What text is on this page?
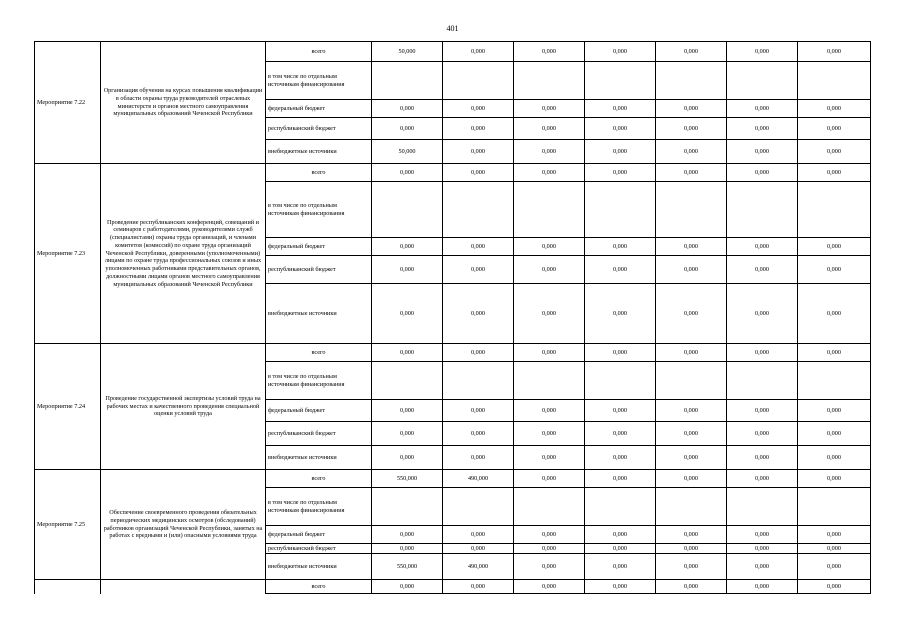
401
Мероприятие 7.22	Организация обучения на курсах повышения квалификации в области охраны труда руководителей отраслевых министерств и органов местного самоуправления муниципальных образований Чеченской Республики	всего	50,000	0,000	0,000	0,000	0,000	0,000	0,000
		в том числе по отдельным источникам финансирования							
		федеральный бюджет	0,000	0,000	0,000	0,000	0,000	0,000	0,000
		республиканский бюджет	0,000	0,000	0,000	0,000	0,000	0,000	0,000
		внебюджетные источники	50,000	0,000	0,000	0,000	0,000	0,000	0,000
Мероприятие 7.23	Проведение республиканских конференций, совещаний и семинаров с работодателями, руководителями служб (специалистами) охраны труда организаций, и членами комитетов (комиссий) по охране труда организаций Чеченской Республики, доверенными (уполномоченными) лицами по охране труда профессиональных союзов и иных уполномоченных работниками представительных органов, должностными лицами органов местного самоуправления муниципальных образований Чеченской Республики	всего	0,000	0,000	0,000	0,000	0,000	0,000	0,000
		в том числе по отдельным источникам финансирования							
		федеральный бюджет	0,000	0,000	0,000	0,000	0,000	0,000	0,000
		республиканский бюджет	0,000	0,000	0,000	0,000	0,000	0,000	0,000
		внебюджетные источники	0,000	0,000	0,000	0,000	0,000	0,000	0,000
Мероприятие 7.24	Проведение государственной экспертизы условий труда на рабочих местах и качественного проведения специальной оценки условий труда	всего	0,000	0,000	0,000	0,000	0,000	0,000	0,000
		в том числе по отдельным источникам финансирования							
		федеральный бюджет	0,000	0,000	0,000	0,000	0,000	0,000	0,000
		республиканский бюджет	0,000	0,000	0,000	0,000	0,000	0,000	0,000
		внебюджетные источники	0,000	0,000	0,000	0,000	0,000	0,000	0,000
Мероприятие 7.25	Обеспечение своевременного проведения обязательных периодических медицинских осмотров (обследований) работников организаций Чеченской Республики, занятых на работах с вредными и (или) опасными условиями труда	всего	550,000	490,000	0,000	0,000	0,000	0,000	0,000
		в том числе по отдельным источникам финансирования							
		федеральный бюджет	0,000	0,000	0,000	0,000	0,000	0,000	0,000
		республиканский бюджет	0,000	0,000	0,000	0,000	0,000	0,000	0,000
		внебюджетные источники	550,000	490,000	0,000	0,000	0,000	0,000	0,000
		всего	0,000	0,000	0,000	0,000	0,000	0,000	0,000
